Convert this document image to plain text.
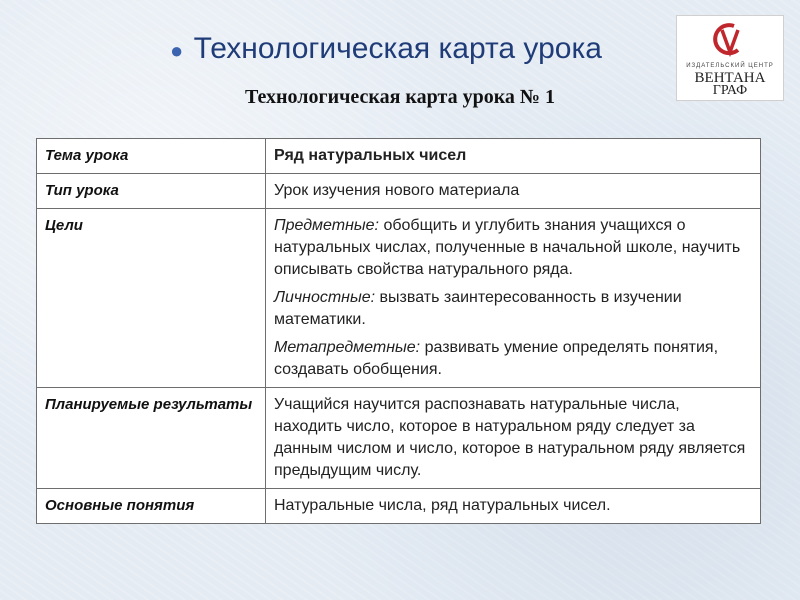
● Технологическая карта урока
ИЗДАТЕЛЬСКИЙ ЦЕНТР
ВЕНТАНА
ГРАФ
Технологическая карта урока № 1
Тема урока	Ряд натуральных чисел
Тип урока	Урок изучения нового материала
Цели	Предметные: обобщить и углубить знания учащихся о натуральных числах, полученные в начальной школе, научить описывать свойства натурального ряда.

Личностные: вызвать заинтересованность в изучении математики.

Метапредметные: развивать умение определять понятия, создавать обобщения.

Планируемые результаты	Учащийся научится распознавать натуральные числа, находить число, которое в натуральном ряду следует за данным числом и число, которое в натуральном ряду является предыдущим числу.
Основные понятия	Натуральные числа, ряд натуральных чисел.
